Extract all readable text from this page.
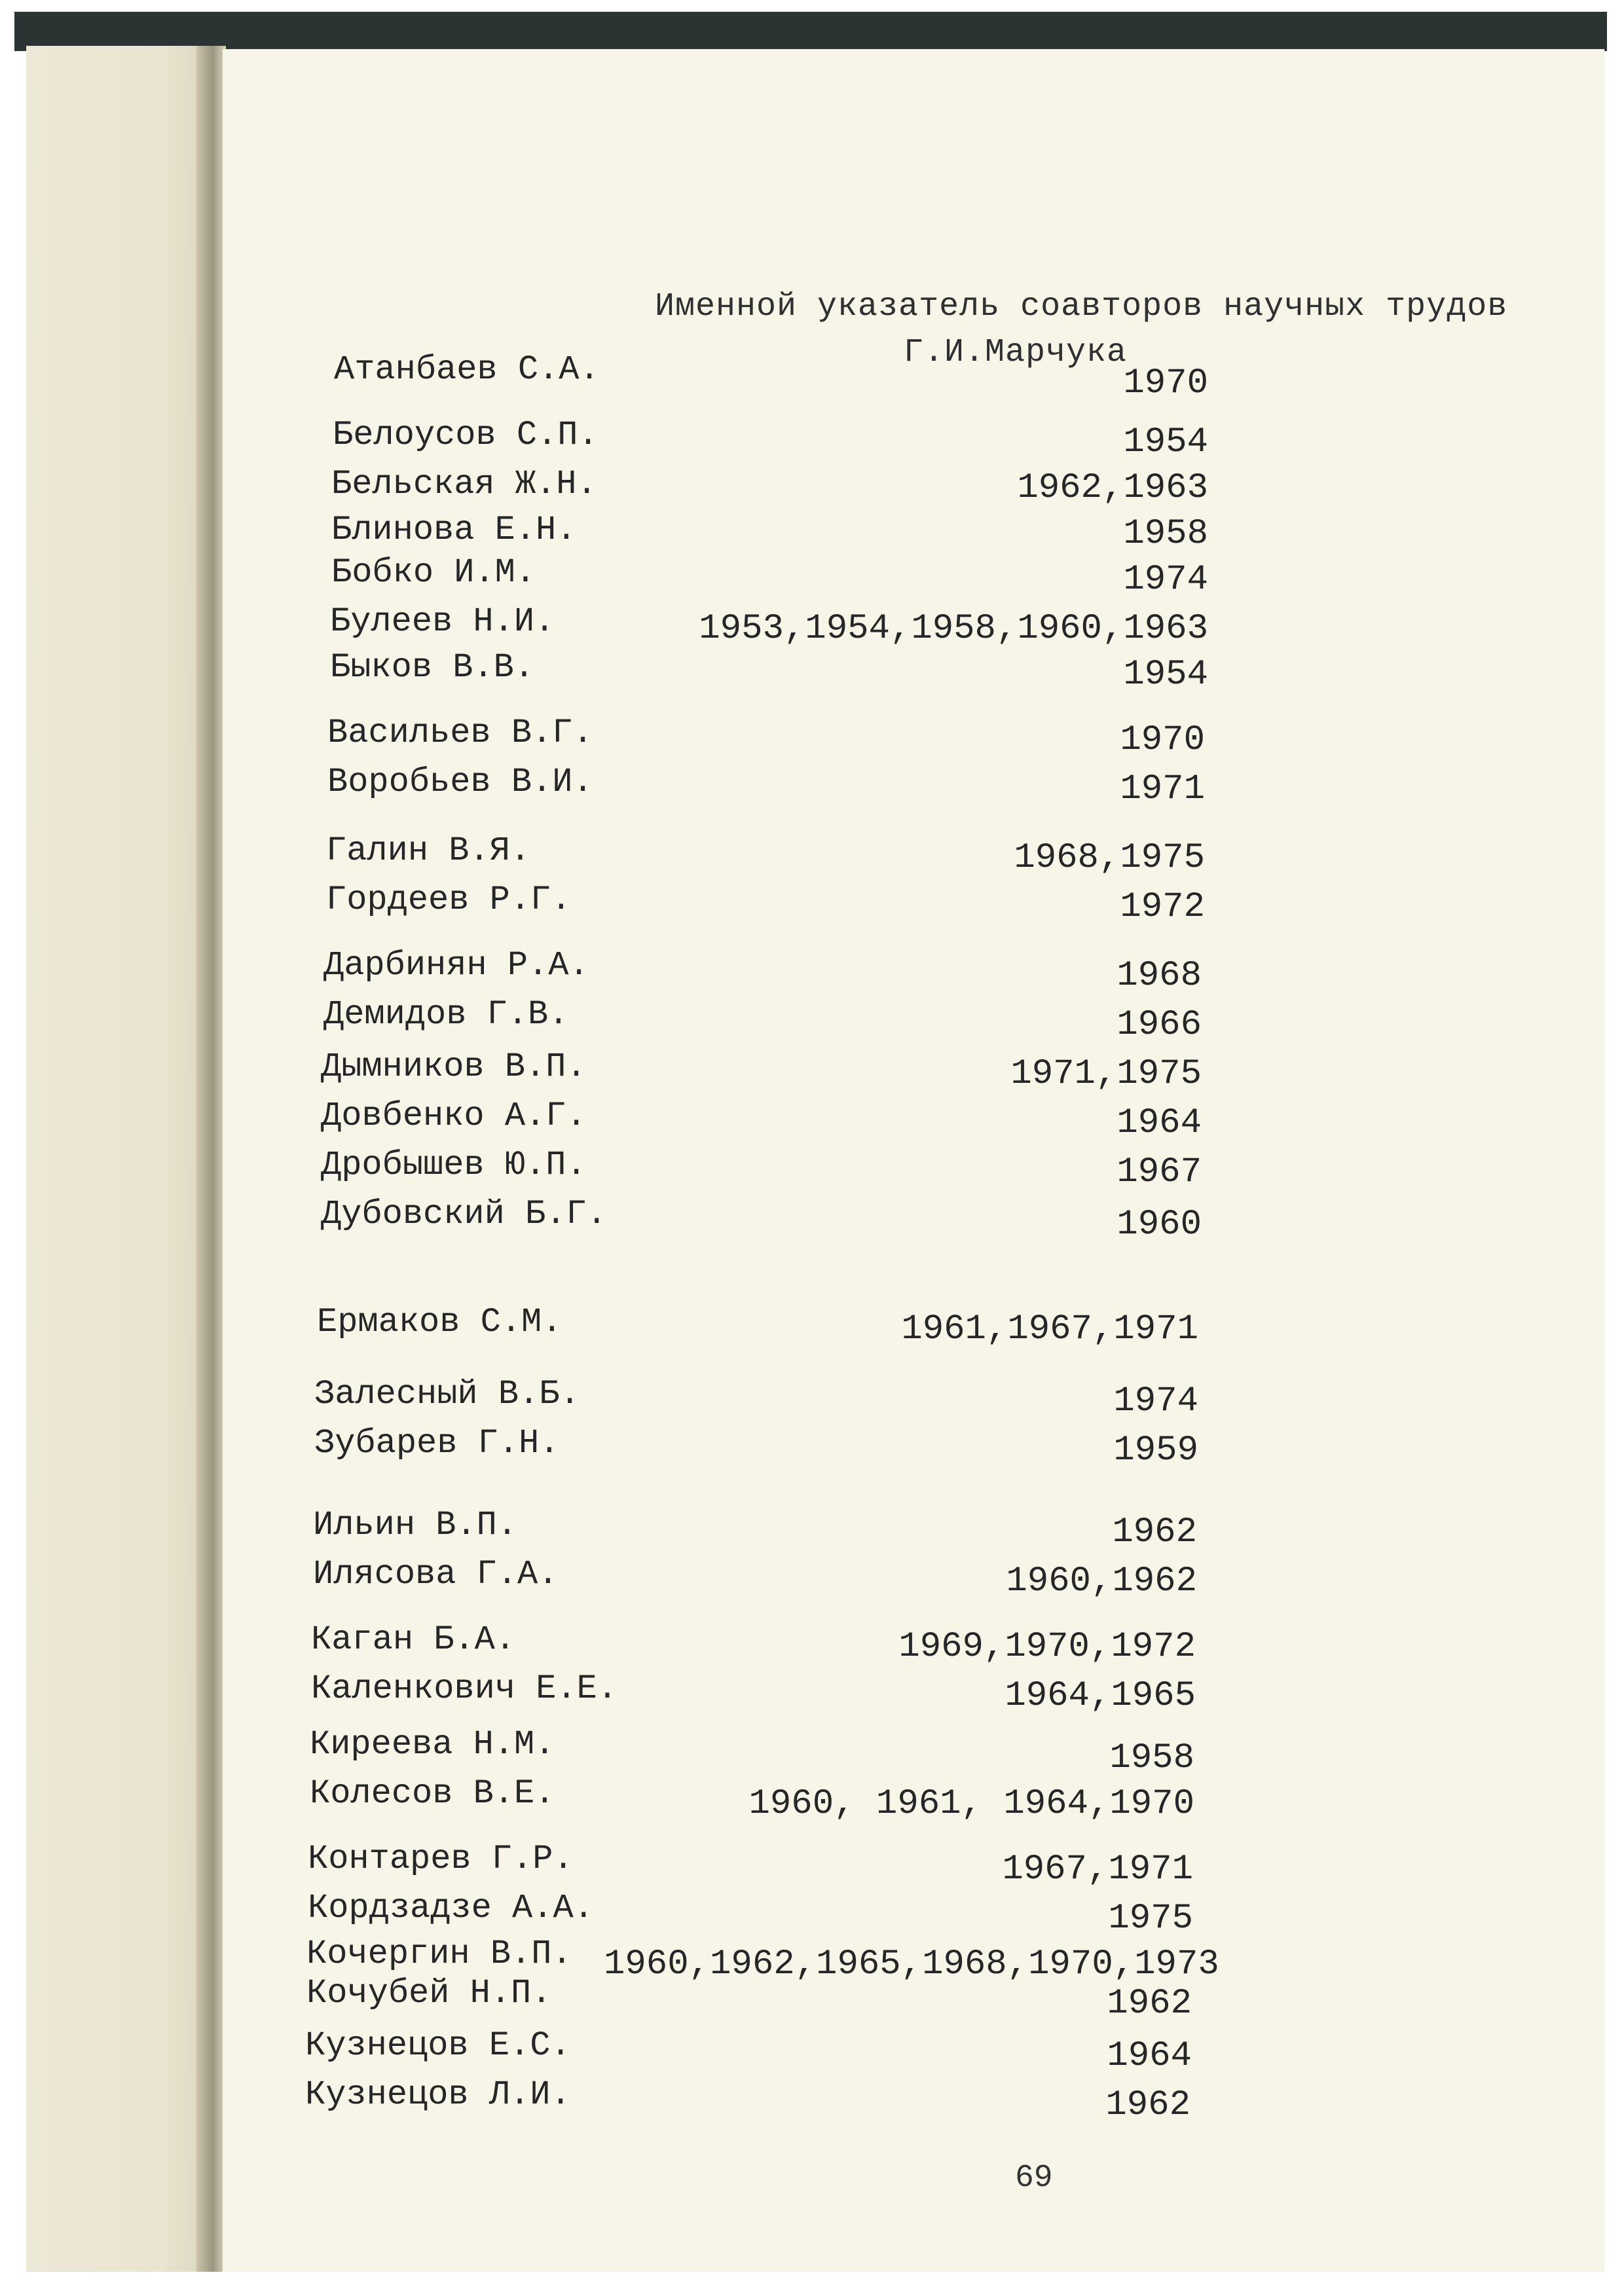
Именной указатель соавторов научных трудов
Г.И.Марчука
Атанбаев С.А.	1970
Белоусов С.П.	1954
Бельская Ж.Н.	1962,1963
Блинова Е.Н.	1958
Бобко И.М.	1974
Булеев Н.И.	1953,1954,1958,1960,1963
Быков В.В.	1954
Васильев В.Г.	1970
Воробьев В.И.	1971
Галин В.Я.	1968,1975
Гордеев Р.Г.	1972
Дарбинян Р.А.	1968
Демидов Г.В.	1966
Дымников В.П.	1971,1975
Довбенко А.Г.	1964
Дробышев Ю.П.	1967
Дубовский Б.Г.	1960
Ермаков С.М.	1961,1967,1971
Залесный В.Б.	1974
Зубарев Г.Н.	1959
Ильин В.П.	1962
Илясова Г.А.	1960,1962
Каган Б.А.	1969,1970,1972
Каленкович Е.Е.	1964,1965
Киреева Н.М.	1958
Колесов В.Е.	1960, 1961, 1964,1970
Контарев Г.Р.	1967,1971
Кордзадзе А.А.	1975
Кочергин В.П. 1960,1962,1965,1968,1970,1973
Кочубей Н.П.	1962
Кузнецов Е.С.	1964
Кузнецов Л.И.	1962
69
